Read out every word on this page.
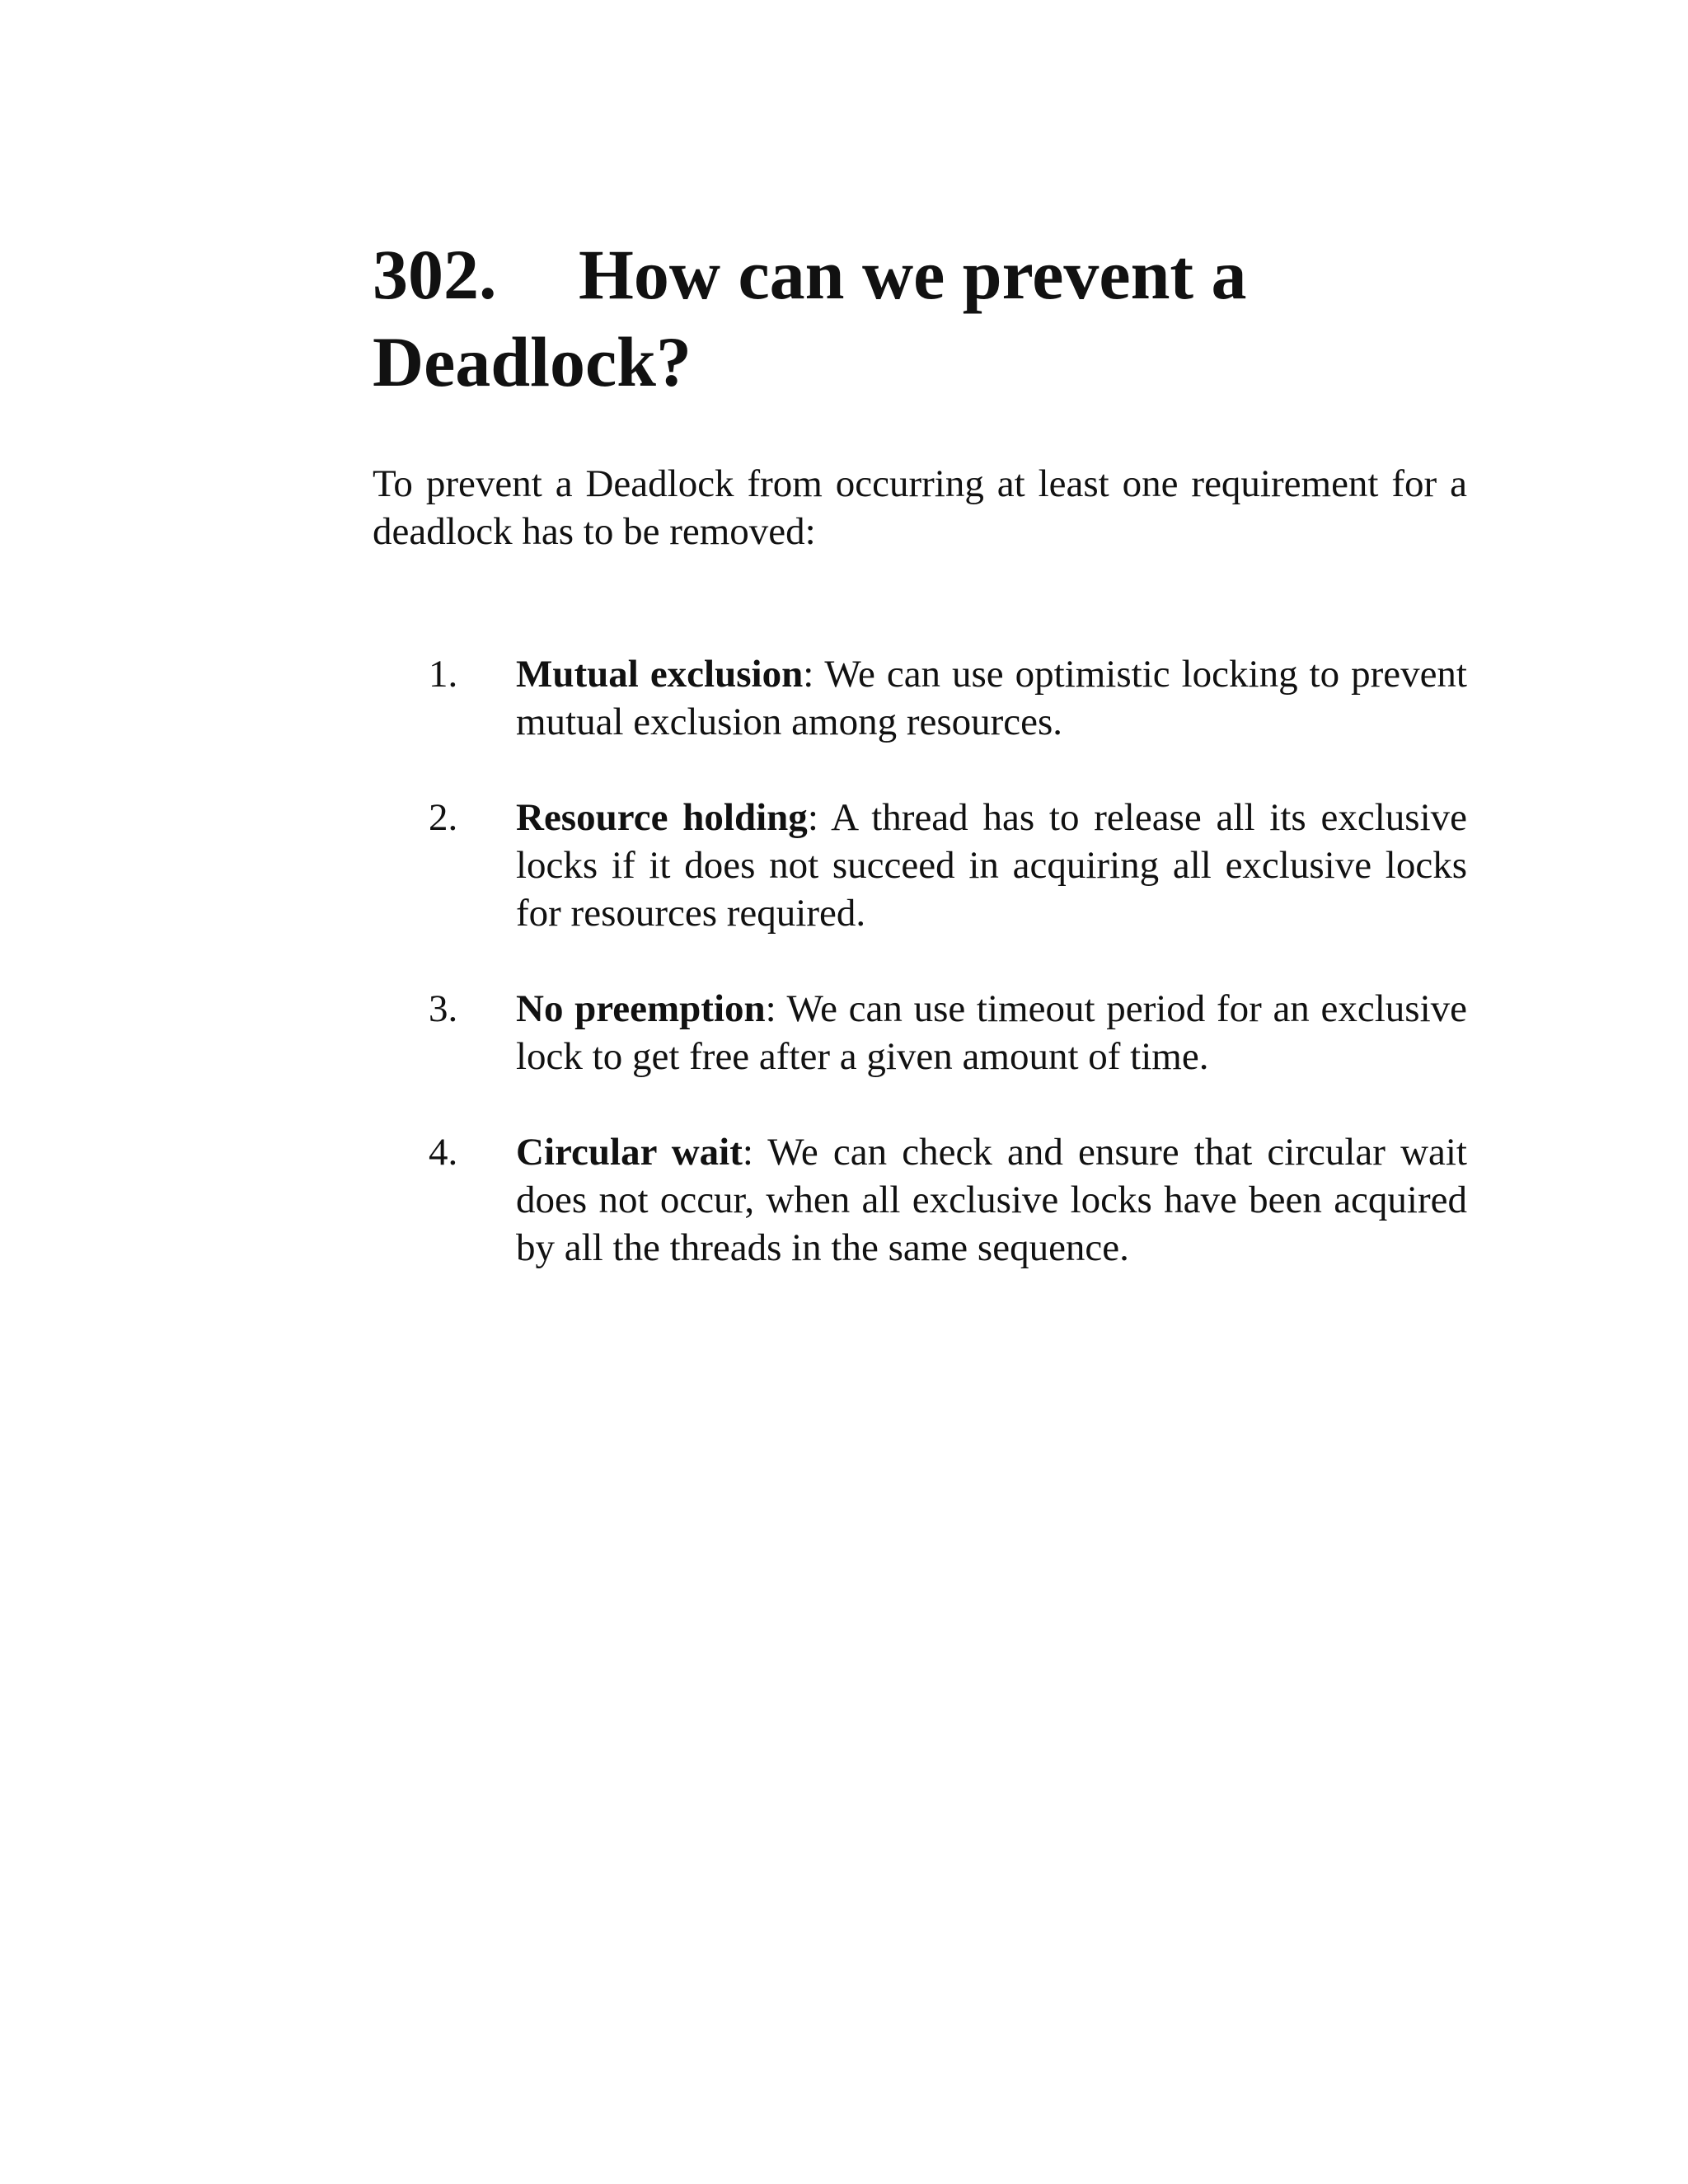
302. How can we prevent a Deadlock?

To prevent a Deadlock from occurring at least one requirement for a deadlock has to be removed:

1. Mutual exclusion: We can use optimistic locking to prevent mutual exclusion among resources.
2. Resource holding: A thread has to release all its exclusive locks if it does not succeed in acquiring all exclusive locks for resources required.
3. No preemption: We can use timeout period for an exclusive lock to get free after a given amount of time.
4. Circular wait: We can check and ensure that circular wait does not occur, when all exclusive locks have been acquired by all the threads in the same sequence.
